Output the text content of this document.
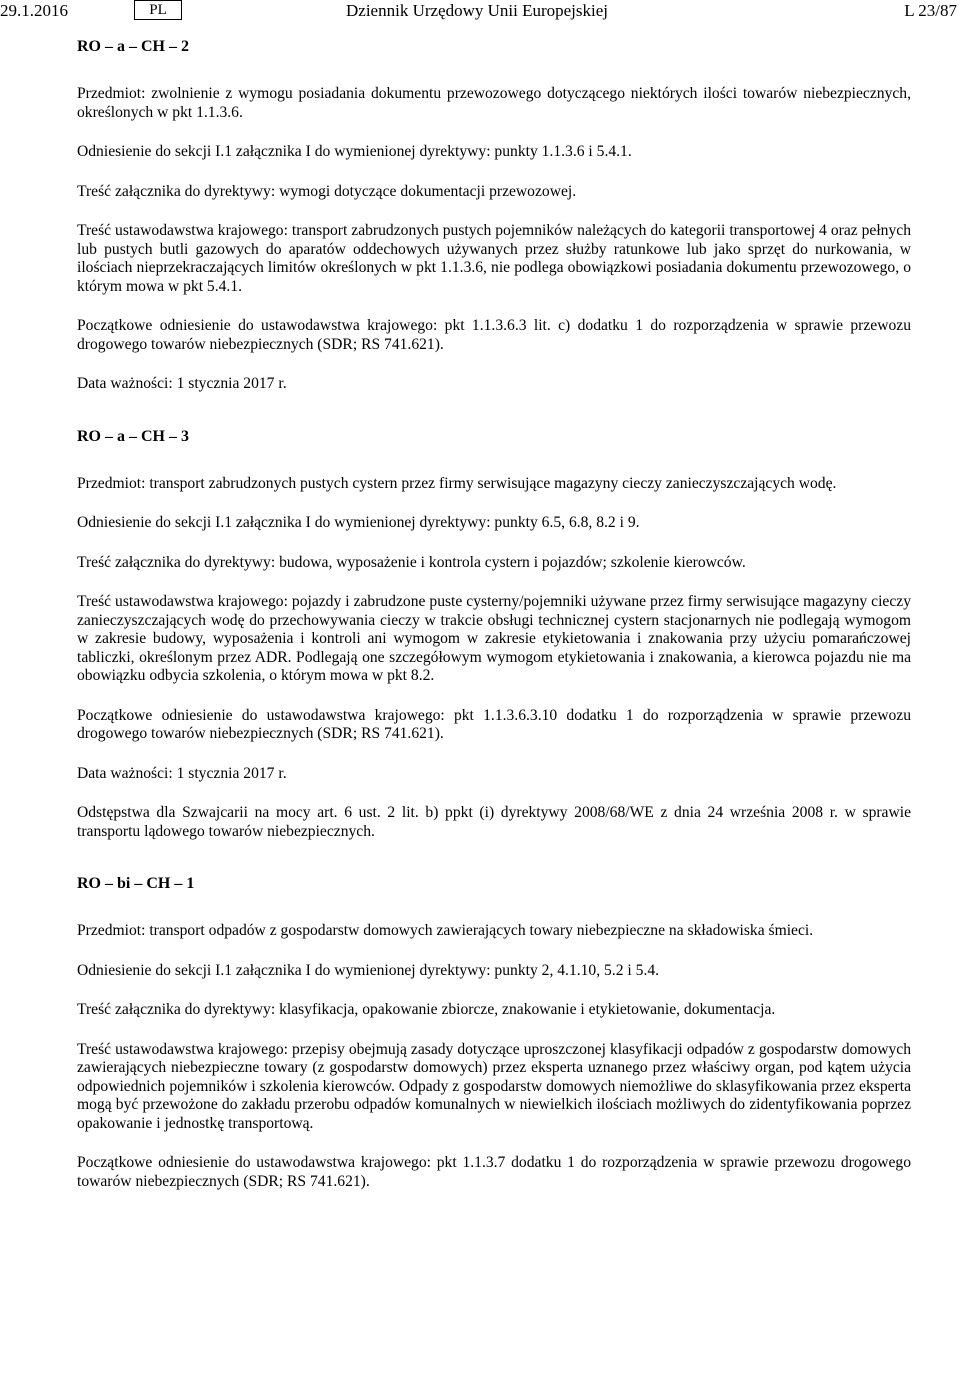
29.1.2016	PL	Dziennik Urzędowy Unii Europejskiej	L 23/87
RO – a – CH – 2

Przedmiot: zwolnienie z wymogu posiadania dokumentu przewozowego dotyczącego niektórych ilości towarów niebezpiecznych, określonych w pkt 1.1.3.6.

Odniesienie do sekcji I.1 załącznika I do wymienionej dyrektywy: punkty 1.1.3.6 i 5.4.1.

Treść załącznika do dyrektywy: wymogi dotyczące dokumentacji przewozowej.

Treść ustawodawstwa krajowego: transport zabrudzonych pustych pojemników należących do kategorii transportowej 4 oraz pełnych lub pustych butli gazowych do aparatów oddechowych używanych przez służby ratunkowe lub jako sprzęt do nurkowania, w ilościach nieprzekraczających limitów określonych w pkt 1.1.3.6, nie podlega obowiązkowi posiadania dokumentu przewozowego, o którym mowa w pkt 5.4.1.

Początkowe odniesienie do ustawodawstwa krajowego: pkt 1.1.3.6.3 lit. c) dodatku 1 do rozporządzenia w sprawie przewozu drogowego towarów niebezpiecznych (SDR; RS 741.621).

Data ważności: 1 stycznia 2017 r.

RO – a – CH – 3

Przedmiot: transport zabrudzonych pustych cystern przez firmy serwisujące magazyny cieczy zanieczyszczających wodę.

Odniesienie do sekcji I.1 załącznika I do wymienionej dyrektywy: punkty 6.5, 6.8, 8.2 i 9.

Treść załącznika do dyrektywy: budowa, wyposażenie i kontrola cystern i pojazdów; szkolenie kierowców.

Treść ustawodawstwa krajowego: pojazdy i zabrudzone puste cysterny/pojemniki używane przez firmy serwisujące magazyny cieczy zanieczyszczających wodę do przechowywania cieczy w trakcie obsługi technicznej cystern stacjonarnych nie podlegają wymogom w zakresie budowy, wyposażenia i kontroli ani wymogom w zakresie etykietowania i znakowania przy użyciu pomarańczowej tabliczki, określonym przez ADR. Podlegają one szczegółowym wymogom etykietowania i znakowania, a kierowca pojazdu nie ma obowiązku odbycia szkolenia, o którym mowa w pkt 8.2.

Początkowe odniesienie do ustawodawstwa krajowego: pkt 1.1.3.6.3.10 dodatku 1 do rozporządzenia w sprawie przewozu drogowego towarów niebezpiecznych (SDR; RS 741.621).

Data ważności: 1 stycznia 2017 r.

Odstępstwa dla Szwajcarii na mocy art. 6 ust. 2 lit. b) ppkt (i) dyrektywy 2008/68/WE z dnia 24 września 2008 r. w sprawie transportu lądowego towarów niebezpiecznych.

RO – bi – CH – 1

Przedmiot: transport odpadów z gospodarstw domowych zawierających towary niebezpieczne na składowiska śmieci.

Odniesienie do sekcji I.1 załącznika I do wymienionej dyrektywy: punkty 2, 4.1.10, 5.2 i 5.4.

Treść załącznika do dyrektywy: klasyfikacja, opakowanie zbiorcze, znakowanie i etykietowanie, dokumentacja.

Treść ustawodawstwa krajowego: przepisy obejmują zasady dotyczące uproszczonej klasyfikacji odpadów z gospodarstw domowych zawierających niebezpieczne towary (z gospodarstw domowych) przez eksperta uznanego przez właściwy organ, pod kątem użycia odpowiednich pojemników i szkolenia kierowców. Odpady z gospodarstw domowych niemożliwe do sklasyfikowania przez eksperta mogą być przewożone do zakładu przerobu odpadów komunalnych w niewielkich ilościach możliwych do zidentyfikowania poprzez opakowanie i jednostkę transportową.

Początkowe odniesienie do ustawodawstwa krajowego: pkt 1.1.3.7 dodatku 1 do rozporządzenia w sprawie przewozu drogowego towarów niebezpiecznych (SDR; RS 741.621).
